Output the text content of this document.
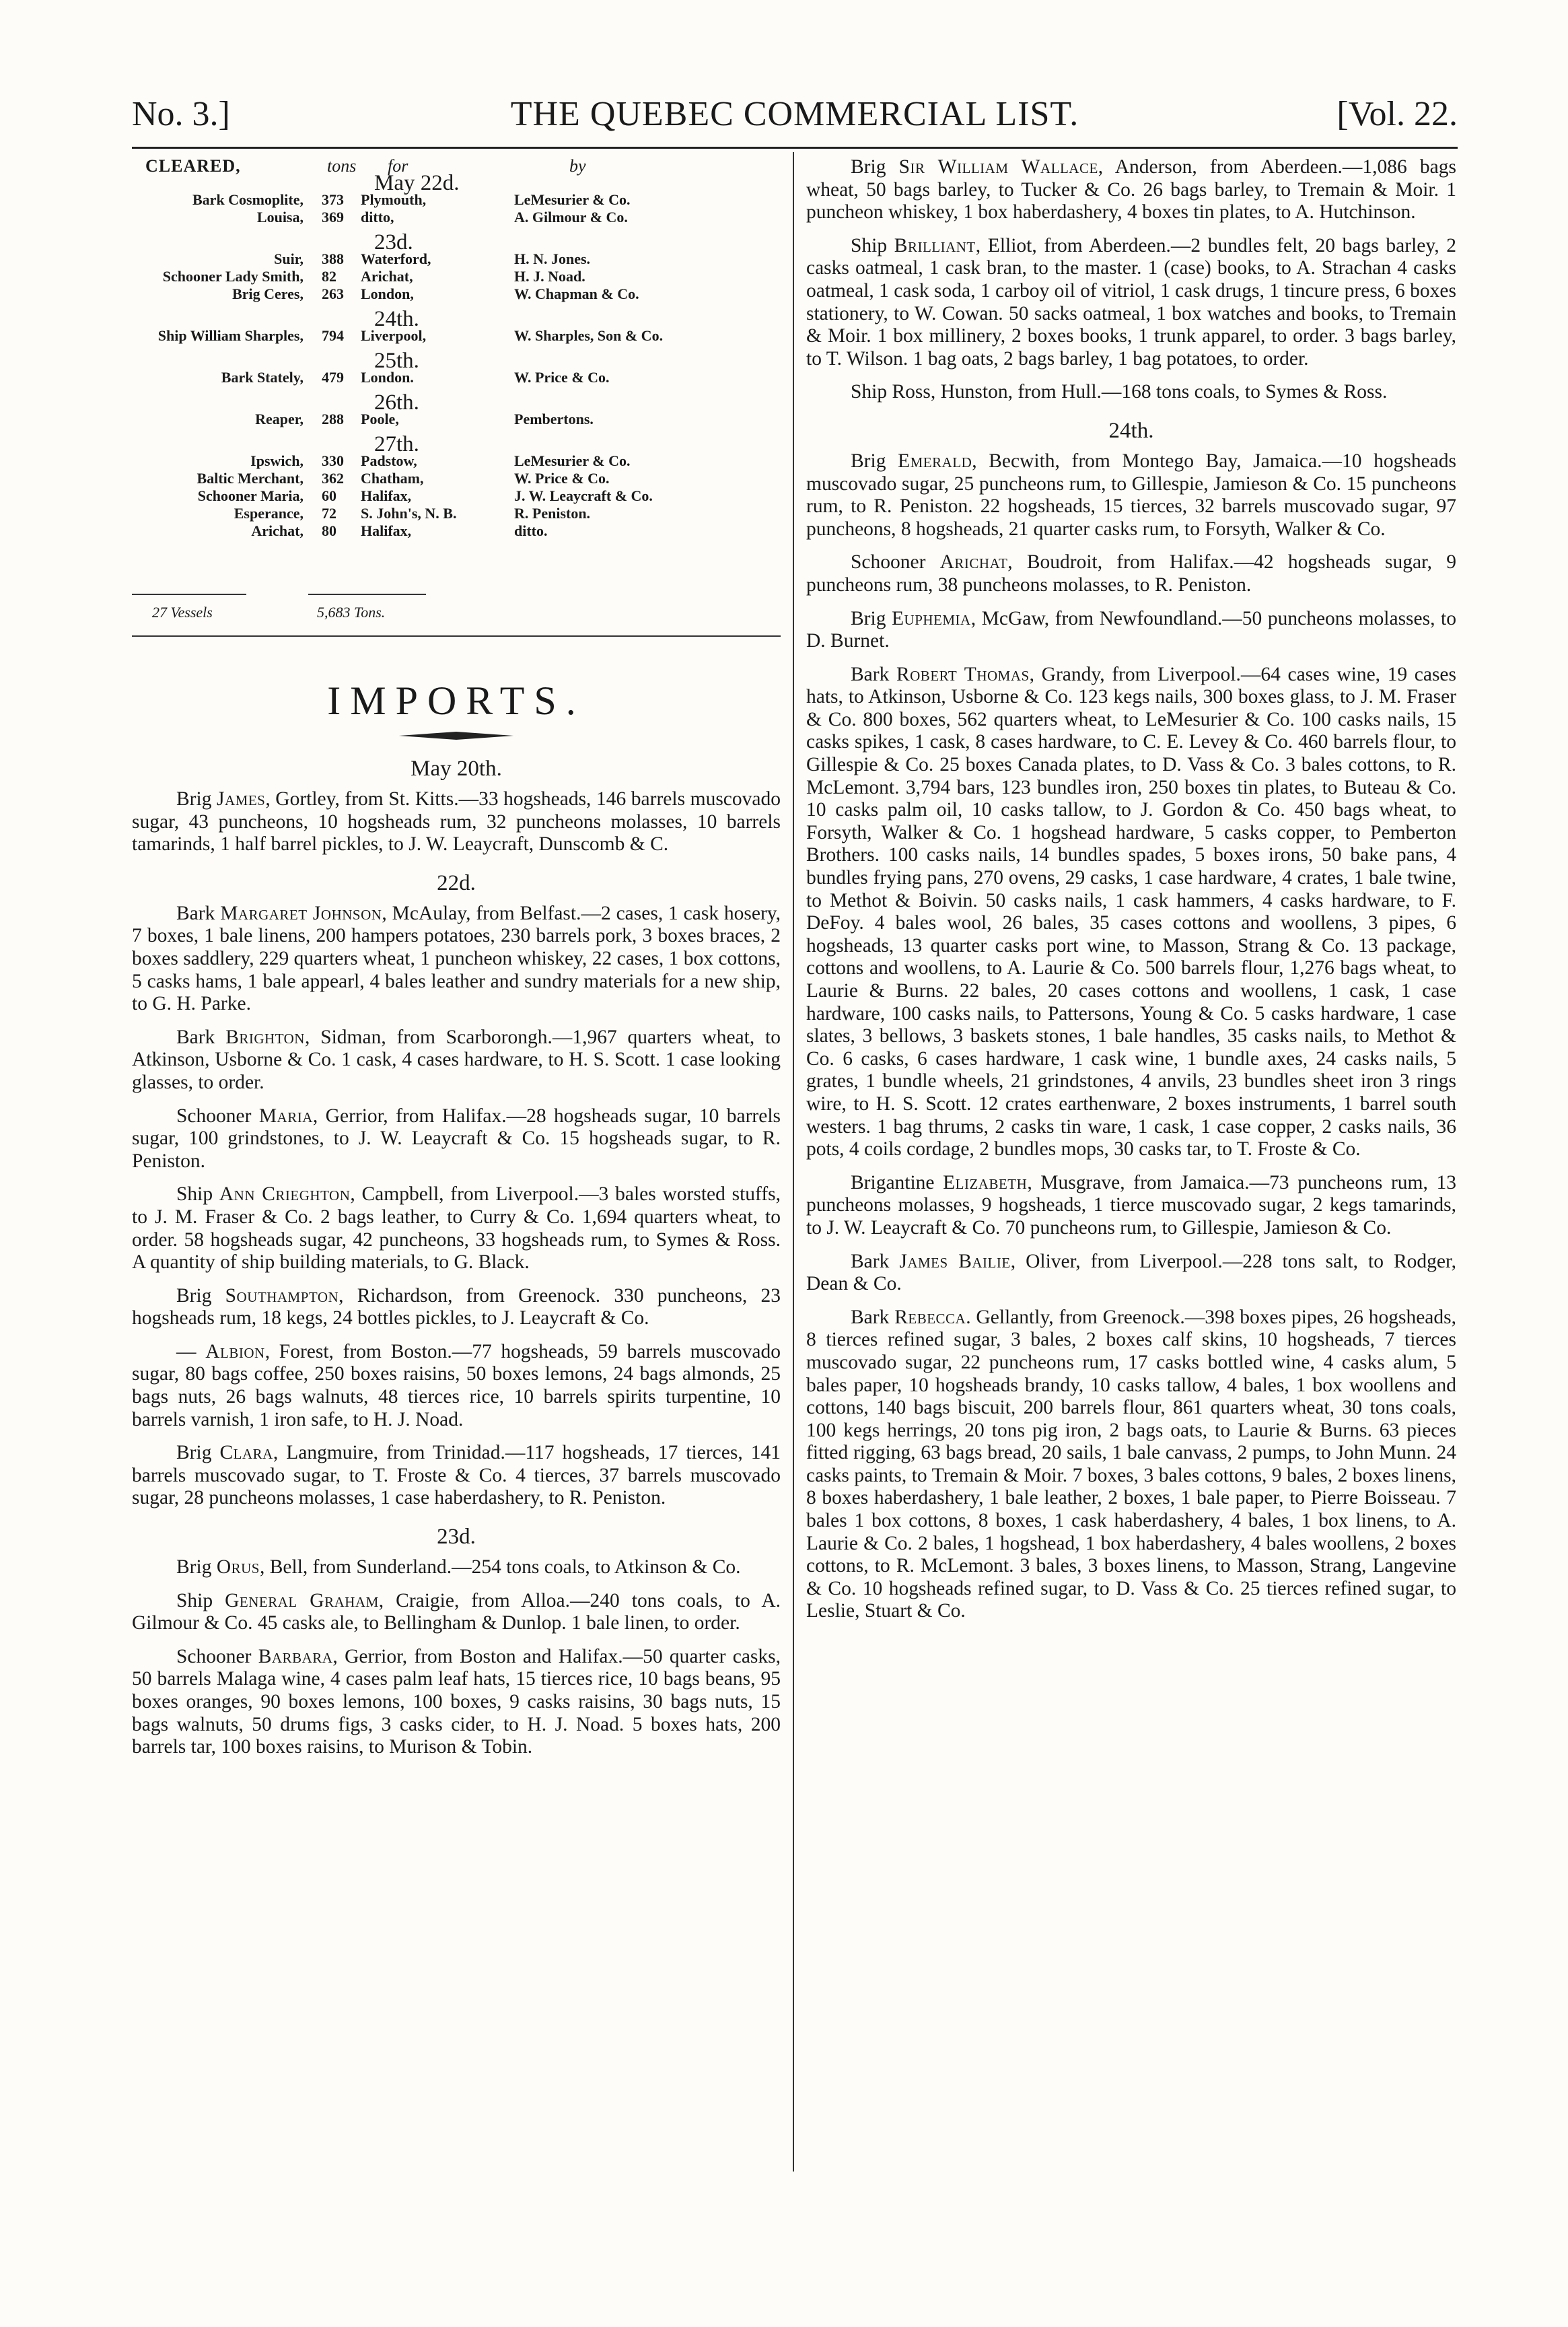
No. 3.]	THE QUEBEC COMMERCIAL LIST.	[Vol. 22.
CLEARED,	tons for	by
27 Vessels	5,683 Tons.
May 22d.
Bark Cosmoplite, 373 Plymouth,	LeMesurier & Co.
Louisa, 369 ditto,	A. Gilmour & Co.
23d.
Suir, 388 Waterford,	H. N. Jones.
Schooner Lady Smith, 82 Arichat,	H. J. Noad.
Brig Ceres, 263 London,	W. Chapman & Co.
24th.
Ship William Sharples, 794 Liverpool,	W. Sharples, Son & Co.
25th.
Bark Stately, 479 London.	W. Price & Co.
26th.
Reaper, 288 Poole,	Pembertons.
27th.
Ipswich, 330 Padstow,	LeMesurier & Co.
Baltic Merchant, 362 Chatham,	W. Price & Co.
Schooner Maria, 60 Halifax,	J. W. Leaycraft & Co.
Esperance, 72 S. John's, N. B.	R. Peniston.
Arichat, 80 Halifax,	ditto.
IMPORTS.
May 20th.

Brig James, Gortley, from St. Kitts.—33 hogsheads, 146 barrels muscovado sugar, 43 puncheons, 10 hogsheads rum, 32 puncheons molasses, 10 barrels tamarinds, 1 half barrel pickles, to J. W. Leaycraft, Dunscomb & C.

22d.

Bark Margaret Johnson, McAulay, from Belfast.—2 cases, 1 cask hosery, 7 boxes, 1 bale linens, 200 hampers potatoes, 230 barrels pork, 3 boxes braces, 2 boxes saddlery, 229 quarters wheat, 1 puncheon whiskey, 22 cases, 1 box cottons, 5 casks hams, 1 bale appearl, 4 bales leather and sundry materials for a new ship, to G. H. Parke.

Bark Brighton, Sidman, from Scarborongh.—1,967 quarters wheat, to Atkinson, Usborne & Co. 1 cask, 4 cases hardware, to H. S. Scott. 1 case looking glasses, to order.

Schooner Maria, Gerrior, from Halifax.—28 hogsheads sugar, 10 barrels sugar, 100 grindstones, to J. W. Leaycraft & Co. 15 hogsheads sugar, to R. Peniston.

Ship Ann Crieghton, Campbell, from Liverpool.—3 bales worsted stuffs, to J. M. Fraser & Co. 2 bags leather, to Curry & Co. 1,694 quarters wheat, to order. 58 hogsheads sugar, 42 puncheons, 33 hogsheads rum, to Symes & Ross. A quantity of ship building materials, to G. Black.

Brig Southampton, Richardson, from Greenock. 330 puncheons, 23 hogsheads rum, 18 kegs, 24 bottles pickles, to J. Leaycraft & Co.

— Albion, Forest, from Boston.—77 hogsheads, 59 barrels muscovado sugar, 80 bags coffee, 250 boxes raisins, 50 boxes lemons, 24 bags almonds, 25 bags nuts, 26 bags walnuts, 48 tierces rice, 10 barrels spirits turpentine, 10 barrels varnish, 1 iron safe, to H. J. Noad.

Brig Clara, Langmuire, from Trinidad.—117 hogsheads, 17 tierces, 141 barrels muscovado sugar, to T. Froste & Co. 4 tierces, 37 barrels muscovado sugar, 28 puncheons molasses, 1 case haberdashery, to R. Peniston.

23d.

Brig Orus, Bell, from Sunderland.—254 tons coals, to Atkinson & Co.

Ship General Graham, Craigie, from Alloa.—240 tons coals, to A. Gilmour & Co. 45 casks ale, to Bellingham & Dunlop. 1 bale linen, to order.

Schooner Barbara, Gerrior, from Boston and Halifax.—50 quarter casks, 50 barrels Malaga wine, 4 cases palm leaf hats, 15 tierces rice, 10 bags beans, 95 boxes oranges, 90 boxes lemons, 100 boxes, 9 casks raisins, 30 bags nuts, 15 bags walnuts, 50 drums figs, 3 casks cider, to H. J. Noad. 5 boxes hats, 200 barrels tar, 100 boxes raisins, to Murison & Tobin.

Brig Sir William Wallace, Anderson, from Aberdeen.—1,086 bags wheat, 50 bags barley, to Tucker & Co. 26 bags barley, to Tremain & Moir. 1 puncheon whiskey, 1 box haberdashery, 4 boxes tin plates, to A. Hutchinson.

Ship Brilliant, Elliot, from Aberdeen.—2 bundles felt, 20 bags barley, 2 casks oatmeal, 1 cask bran, to the master. 1 (case) books, to A. Strachan 4 casks oatmeal, 1 cask soda, 1 carboy oil of vitriol, 1 cask drugs, 1 tincure press, 6 boxes stationery, to W. Cowan. 50 sacks oatmeal, 1 box watches and books, to Tremain & Moir. 1 box millinery, 2 boxes books, 1 trunk apparel, to order. 3 bags barley, to T. Wilson. 1 bag oats, 2 bags barley, 1 bag potatoes, to order.

Ship Ross, Hunston, from Hull.—168 tons coals, to Symes & Ross.

24th.

Brig Emerald, Becwith, from Montego Bay, Jamaica.—10 hogsheads muscovado sugar, 25 puncheons rum, to Gillespie, Jamieson & Co. 15 puncheons rum, to R. Peniston. 22 hogsheads, 15 tierces, 32 barrels muscovado sugar, 97 puncheons, 8 hogsheads, 21 quarter casks rum, to Forsyth, Walker & Co.

Schooner Arichat, Boudroit, from Halifax.—42 hogsheads sugar, 9 puncheons rum, 38 puncheons molasses, to R. Peniston.

Brig Euphemia, McGaw, from Newfoundland.—50 puncheons molasses, to D. Burnet.

Bark Robert Thomas, Grandy, from Liverpool.—64 cases wine, 19 cases hats, to Atkinson, Usborne & Co. 123 kegs nails, 300 boxes glass, to J. M. Fraser & Co. 800 boxes, 562 quarters wheat, to LeMesurier & Co. 100 casks nails, 15 casks spikes, 1 cask, 8 cases hardware, to C. E. Levey & Co. 460 barrels flour, to Gillespie & Co. 25 boxes Canada plates, to D. Vass & Co. 3 bales cottons, to R. McLemont. 3,794 bars, 123 bundles iron, 250 boxes tin plates, to Buteau & Co. 10 casks palm oil, 10 casks tallow, to J. Gordon & Co. 450 bags wheat, to Forsyth, Walker & Co. 1 hogshead hardware, 5 casks copper, to Pemberton Brothers. 100 casks nails, 14 bundles spades, 5 boxes irons, 50 bake pans, 4 bundles frying pans, 270 ovens, 29 casks, 1 case hardware, 4 crates, 1 bale twine, to Methot & Boivin. 50 casks nails, 1 cask hammers, 4 casks hardware, to F. DeFoy. 4 bales wool, 26 bales, 35 cases cottons and woollens, 3 pipes, 6 hogsheads, 13 quarter casks port wine, to Masson, Strang & Co. 13 package, cottons and woollens, to A. Laurie & Co. 500 barrels flour, 1,276 bags wheat, to Laurie & Burns. 22 bales, 20 cases cottons and woollens, 1 cask, 1 case hardware, 100 casks nails, to Pattersons, Young & Co. 5 casks hardware, 1 case slates, 3 bellows, 3 baskets stones, 1 bale handles, 35 casks nails, to Methot & Co. 6 casks, 6 cases hardware, 1 cask wine, 1 bundle axes, 24 casks nails, 5 grates, 1 bundle wheels, 21 grindstones, 4 anvils, 23 bundles sheet iron 3 rings wire, to H. S. Scott. 12 crates earthenware, 2 boxes instruments, 1 barrel south westers. 1 bag thrums, 2 casks tin ware, 1 cask, 1 case copper, 2 casks nails, 36 pots, 4 coils cordage, 2 bundles mops, 30 casks tar, to T. Froste & Co.

Brigantine Elizabeth, Musgrave, from Jamaica.—73 puncheons rum, 13 puncheons molasses, 9 hogsheads, 1 tierce muscovado sugar, 2 kegs tamarinds, to J. W. Leaycraft & Co. 70 puncheons rum, to Gillespie, Jamieson & Co.

Bark James Bailie, Oliver, from Liverpool.—228 tons salt, to Rodger, Dean & Co.

Bark Rebecca. Gellantly, from Greenock.—398 boxes pipes, 26 hogsheads, 8 tierces refined sugar, 3 bales, 2 boxes calf skins, 10 hogsheads, 7 tierces muscovado sugar, 22 puncheons rum, 17 casks bottled wine, 4 casks alum, 5 bales paper, 10 hogsheads brandy, 10 casks tallow, 4 bales, 1 box woollens and cottons, 140 bags biscuit, 200 barrels flour, 861 quarters wheat, 30 tons coals, 100 kegs herrings, 20 tons pig iron, 2 bags oats, to Laurie & Burns. 63 pieces fitted rigging, 63 bags bread, 20 sails, 1 bale canvass, 2 pumps, to John Munn. 24 casks paints, to Tremain & Moir. 7 boxes, 3 bales cottons, 9 bales, 2 boxes linens, 8 boxes haberdashery, 1 bale leather, 2 boxes, 1 bale paper, to Pierre Boisseau. 7 bales 1 box cottons, 8 boxes, 1 cask haberdashery, 4 bales, 1 box linens, to A. Laurie & Co. 2 bales, 1 hogshead, 1 box haberdashery, 4 bales woollens, 2 boxes cottons, to R. McLemont. 3 bales, 3 boxes linens, to Masson, Strang, Langevine & Co. 10 hogsheads refined sugar, to D. Vass & Co. 25 tierces refined sugar, to Leslie, Stuart & Co.
